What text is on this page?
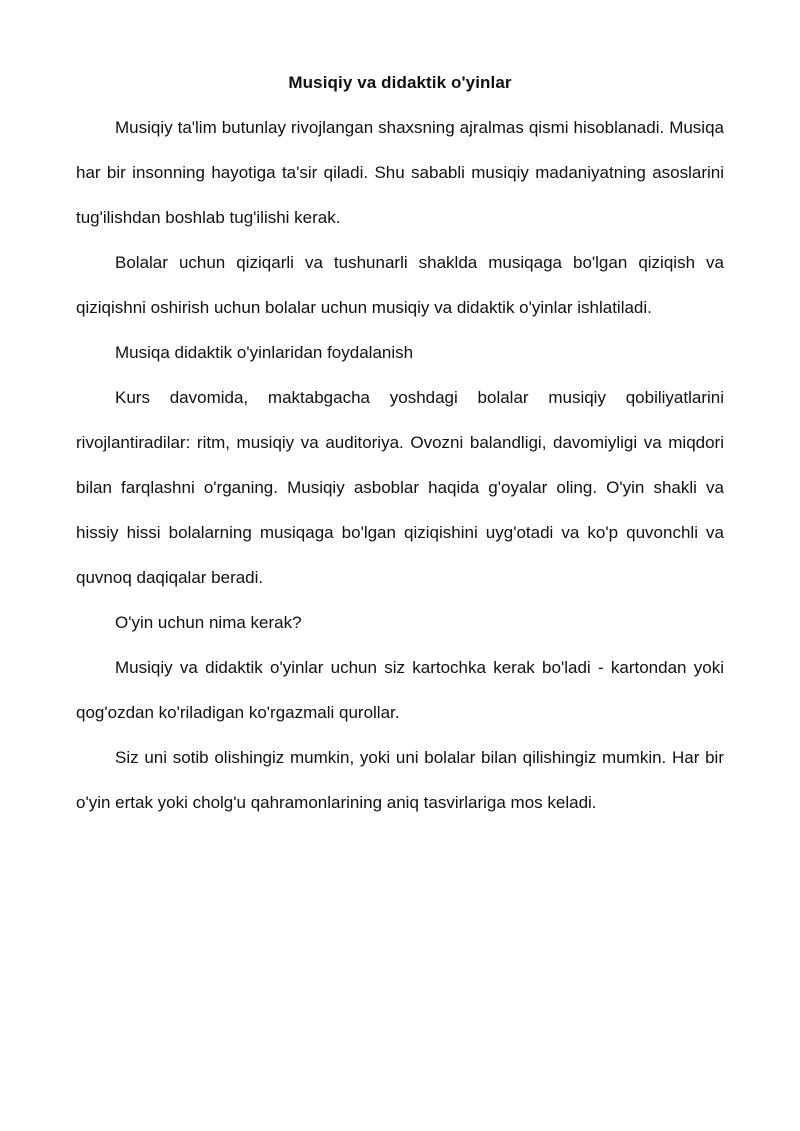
Musiqiy va didaktik o'yinlar

Musiqiy ta'lim butunlay rivojlangan shaxsning ajralmas qismi hisoblanadi. Musiqa har bir insonning hayotiga ta'sir qiladi. Shu sababli musiqiy madaniyatning asoslarini tug'ilishdan boshlab tug'ilishi kerak.

Bolalar uchun qiziqarli va tushunarli shaklda musiqaga bo'lgan qiziqish va qiziqishni oshirish uchun bolalar uchun musiqiy va didaktik o'yinlar ishlatiladi.

Musiqa didaktik o'yinlaridan foydalanish

Kurs davomida, maktabgacha yoshdagi bolalar musiqiy qobiliyatlarini rivojlantiradilar: ritm, musiqiy va auditoriya. Ovozni balandligi, davomiyligi va miqdori bilan farqlashni o'rganing. Musiqiy asboblar haqida g'oyalar oling. O'yin shakli va hissiy hissi bolalarning musiqaga bo'lgan qiziqishini uyg'otadi va ko'p quvonchli va quvnoq daqiqalar beradi.

O'yin uchun nima kerak?

Musiqiy va didaktik o'yinlar uchun siz kartochka kerak bo'ladi - kartondan yoki qog'ozdan ko'riladigan ko'rgazmali qurollar.

Siz uni sotib olishingiz mumkin, yoki uni bolalar bilan qilishingiz mumkin. Har bir o'yin ertak yoki cholg'u qahramonlarining aniq tasvirlariga mos keladi.
